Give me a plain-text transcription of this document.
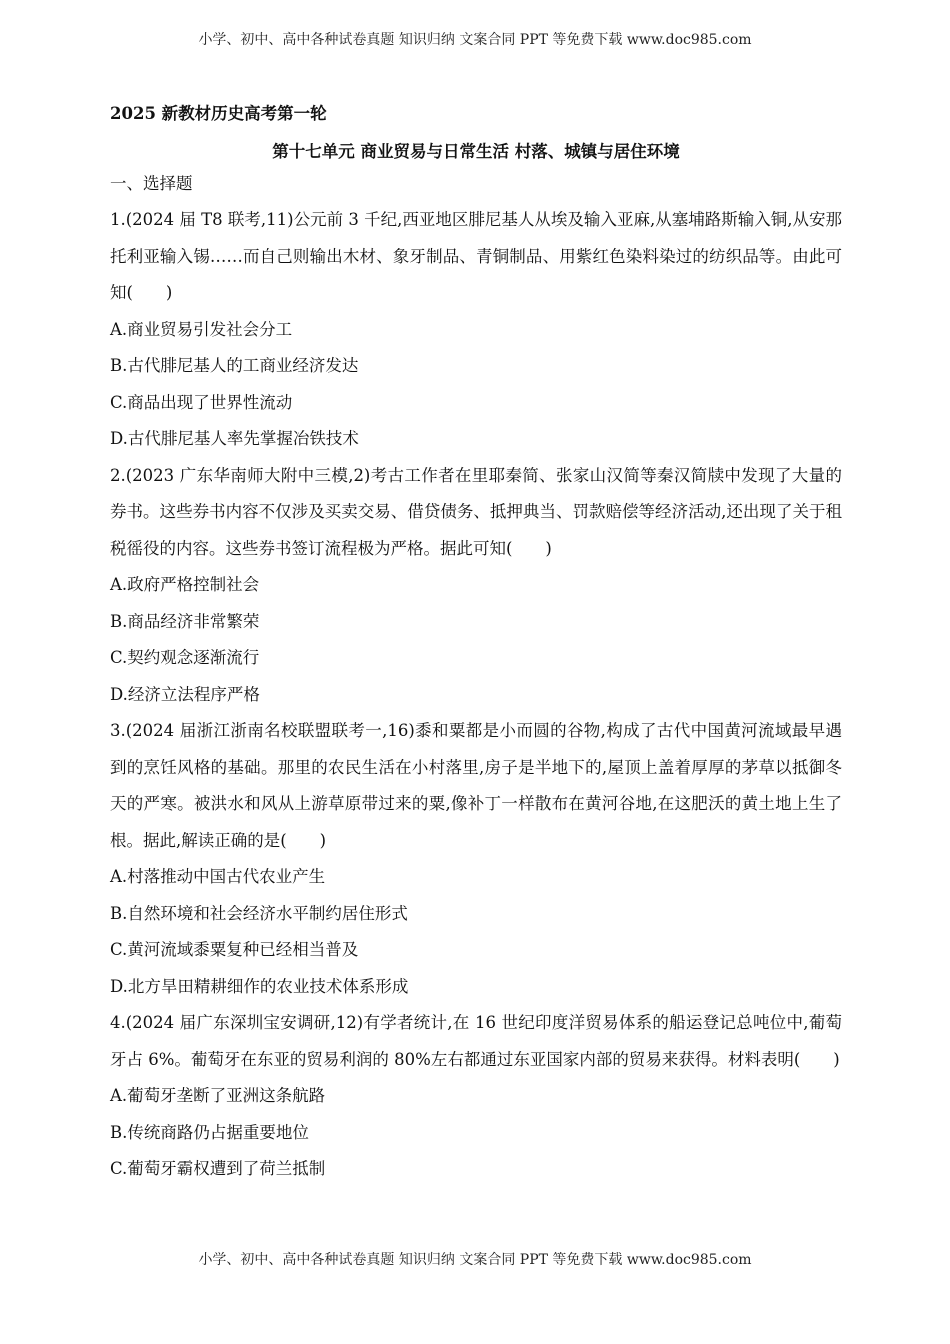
小学、初中、高中各种试卷真题 知识归纳 文案合同 PPT 等免费下载 www.doc985.com

2025 新教材历史高考第一轮

第十七单元 商业贸易与日常生活 村落、城镇与居住环境

一、选择题

1.(2024 届 T8 联考,11)公元前 3 千纪,西亚地区腓尼基人从埃及输入亚麻,从塞埔路斯输入铜,从安那托利亚输入锡……而自己则输出木材、象牙制品、青铜制品、用紫红色染料染过的纺织品等。由此可知(　　)

A.商业贸易引发社会分工

B.古代腓尼基人的工商业经济发达

C.商品出现了世界性流动

D.古代腓尼基人率先掌握冶铁技术

2.(2023 广东华南师大附中三模,2)考古工作者在里耶秦简、张家山汉简等秦汉简牍中发现了大量的券书。这些券书内容不仅涉及买卖交易、借贷债务、抵押典当、罚款赔偿等经济活动,还出现了关于租税徭役的内容。这些券书签订流程极为严格。据此可知(　　)

A.政府严格控制社会

B.商品经济非常繁荣

C.契约观念逐渐流行

D.经济立法程序严格

3.(2024 届浙江浙南名校联盟联考一,16)黍和粟都是小而圆的谷物,构成了古代中国黄河流域最早遇到的烹饪风格的基础。那里的农民生活在小村落里,房子是半地下的,屋顶上盖着厚厚的茅草以抵御冬天的严寒。被洪水和风从上游草原带过来的粟,像补丁一样散布在黄河谷地,在这肥沃的黄土地上生了根。据此,解读正确的是(　　)

A.村落推动中国古代农业产生

B.自然环境和社会经济水平制约居住形式

C.黄河流域黍粟复种已经相当普及

D.北方旱田精耕细作的农业技术体系形成

4.(2024 届广东深圳宝安调研,12)有学者统计,在 16 世纪印度洋贸易体系的船运登记总吨位中,葡萄牙占 6%。葡萄牙在东亚的贸易利润的 80%左右都通过东亚国家内部的贸易来获得。材料表明(　　)

A.葡萄牙垄断了亚洲这条航路

B.传统商路仍占据重要地位

C.葡萄牙霸权遭到了荷兰抵制

小学、初中、高中各种试卷真题 知识归纳 文案合同 PPT 等免费下载 www.doc985.com
